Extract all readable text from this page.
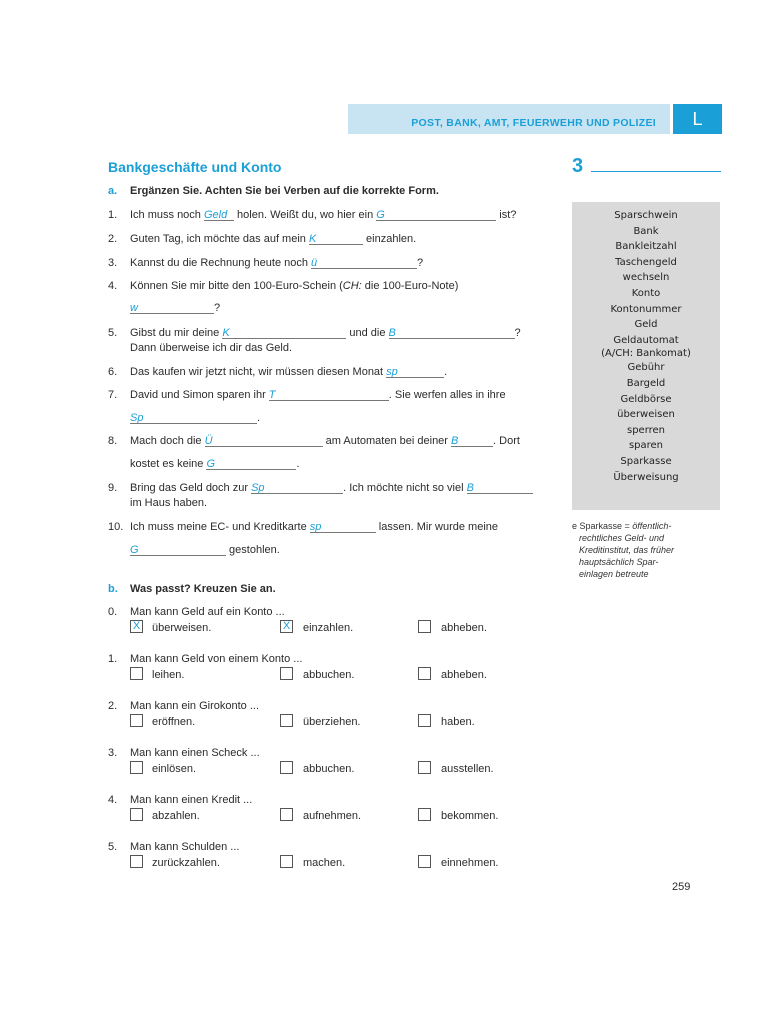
POST, BANK, AMT, FEUERWEHR UND POLIZEI	L
Bankgeschäfte und Konto	3
a. Ergänzen Sie. Achten Sie bei Verben auf die korrekte Form.
1. Ich muss noch Geld holen. Weißt du, wo hier ein G	ist?
2. Guten Tag, ich möchte das auf mein K	einzahlen.
3. Kannst du die Rechnung heute noch ü	?
4. Können Sie mir bitte den 100-Euro-Schein (CH: die 100-Euro-Note)
w	?
5. Gibst du mir deine K	und die B	?
Dann überweise ich dir das Geld.
6. Das kaufen wir jetzt nicht, wir müssen diesen Monat sp	.
7. David und Simon sparen ihr T	. Sie werfen alles in ihre
Sp	.
8. Mach doch die Ü	am Automaten bei deiner B	. Dort
kostet es keine G	.
9. Bring das Geld doch zur Sp	. Ich möchte nicht so viel B
im Haus haben.
10. Ich muss meine EC- und Kreditkarte sp	lassen. Mir wurde meine
G	gestohlen.
Sparschwein
Bank
Bankleitzahl
Taschengeld
wechseln
Konto
Kontonummer
Geld
Geldautomat
(A/CH: Bankomat)
Gebühr
Bargeld
Geldbörse
überweisen
sperren
sparen
Sparkasse
Überweisung
e Sparkasse = öffentlich-
rechtliches Geld- und
Kreditinstitut, das früher
hauptsächlich Spar-
einlagen betreute
b. Was passt? Kreuzen Sie an.
0. Man kann Geld auf ein Konto ...
X überweisen.	X einzahlen.	abheben.
1. Man kann Geld von einem Konto ...
leihen.	abbuchen.	abheben.
2. Man kann ein Girokonto ...
eröffnen.	überziehen.	haben.
3. Man kann einen Scheck ...
einlösen.	abbuchen.	ausstellen.
4. Man kann einen Kredit ...
abzahlen.	aufnehmen.	bekommen.
5. Man kann Schulden ...
zurückzahlen.	machen.	einnehmen.
259
